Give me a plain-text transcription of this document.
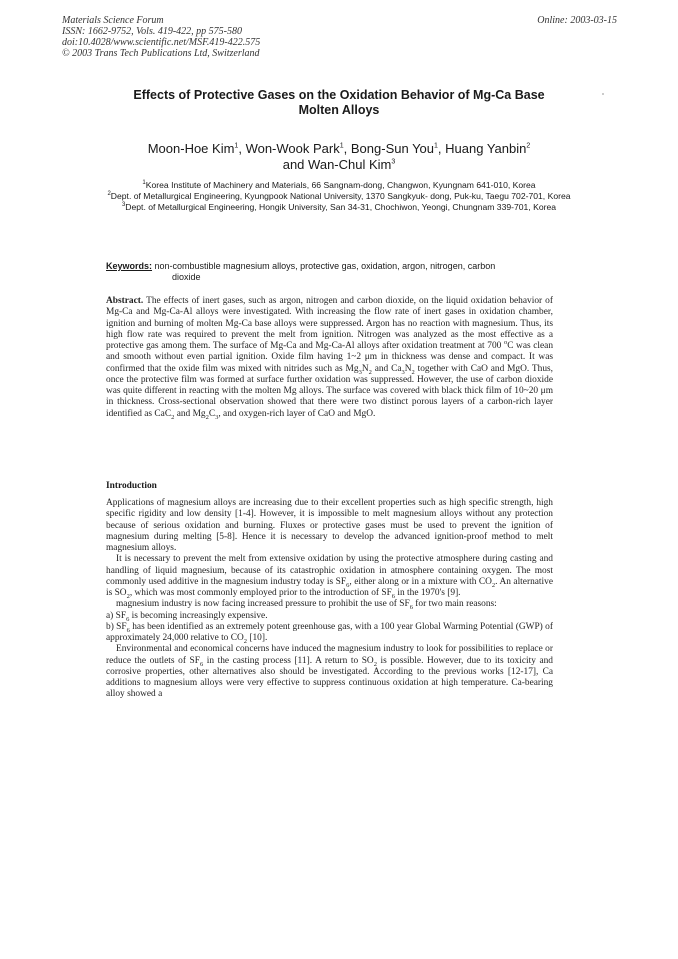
Materials Science Forum
ISSN: 1662-9752, Vols. 419-422, pp 575-580
doi:10.4028/www.scientific.net/MSF.419-422.575
© 2003 Trans Tech Publications Ltd, Switzerland
Online: 2003-03-15
Effects of Protective Gases on the Oxidation Behavior of Mg-Ca Base
Molten Alloys
Moon-Hoe Kim$^1$, Won-Wook Park$^1$, Bong-Sun You$^1$, Huang Yanbin$^2$
and Wan-Chul Kim$^3$
$^1$Korea Institute of Machinery and Materials, 66 Sangnam-dong, Changwon, Kyungnam 641-010, Korea
$^2$Dept. of Metallurgical Engineering, Kyungpook National University, 1370 Sangkyuk- dong, Puk-ku, Taegu 702-701, Korea
$^3$Dept. of Metallurgical Engineering, Hongik University, San 34-31, Chochiwon, Yeongi, Chungnam 339-701, Korea
Keywords: non-combustible magnesium alloys, protective gas, oxidation, argon, nitrogen, carbon
dioxide
Abstract. The effects of inert gases, such as argon, nitrogen and carbon dioxide, on the liquid oxidation behavior of Mg-Ca and Mg-Ca-Al alloys were investigated. With increasing the flow rate of inert gases in oxidation chamber, ignition and burning of molten Mg-Ca base alloys were suppressed. Argon has no reaction with magnesium. Thus, its high flow rate was required to prevent the melt from ignition. Nitrogen was analyzed as the most effective as a protective gas among them. The surface of Mg-Ca and Mg-Ca-Al alloys after oxidation treatment at 700 $^o$C was clean and smooth without even partial ignition. Oxide film having 1~2 μm in thickness was dense and compact. It was confirmed that the oxide film was mixed with nitrides such as $Mg_3N_2$ and $Ca_3N_2$ together with CaO and MgO. Thus, once the protective film was formed at surface further oxidation was suppressed. However, the use of carbon dioxide was quite different in reacting with the molten Mg alloys. The surface was covered with black thick film of 10~20 μm in thickness. Cross-sectional observation showed that there were two distinct porous layers of a carbon-rich layer identified as CaC$_2$ and $Mg_2C_3$, and oxygen-rich layer of CaO and MgO.
Introduction

Applications of magnesium alloys are increasing due to their excellent properties such as high specific strength, high specific rigidity and low density [1-4]. However, it is impossible to melt magnesium alloys without any protection because of serious oxidation and burning. Fluxes or protective gases must be used to prevent the ignition of magnesium during melting [5-8]. Hence it is necessary to develop the advanced ignition-proof method to melt magnesium alloys.

It is necessary to prevent the melt from extensive oxidation by using the protective atmosphere during casting and handling of liquid magnesium, because of its catastrophic oxidation in atmosphere containing oxygen. The most commonly used additive in the magnesium industry today is $SF_6$, either along or in a mixture with $CO_2$. An alternative is $SO_2$, which was most commonly employed prior to the introduction of $SF_6$ in the 1970's [9].

magnesium industry is now facing increased pressure to prohibit the use of $SF_6$ for two main reasons:

a) $SF_6$ is becoming increasingly expensive.

b) $SF_6$ has been identified as an extremely potent greenhouse gas, with a 100 year Global Warming Potential (GWP) of approximately 24,000 relative to $CO_2$ [10].

Environmental and economical concerns have induced the magnesium industry to look for possibilities to replace or reduce the outlets of $SF_6$ in the casting process [11]. A return to $SO_2$ is possible. However, due to its toxicity and corrosive properties, other alternatives also should be investigated. According to the previous works [12-17], Ca additions to magnesium alloys were very effective to suppress continuous oxidation at high temperature. Ca-bearing alloy showed a
